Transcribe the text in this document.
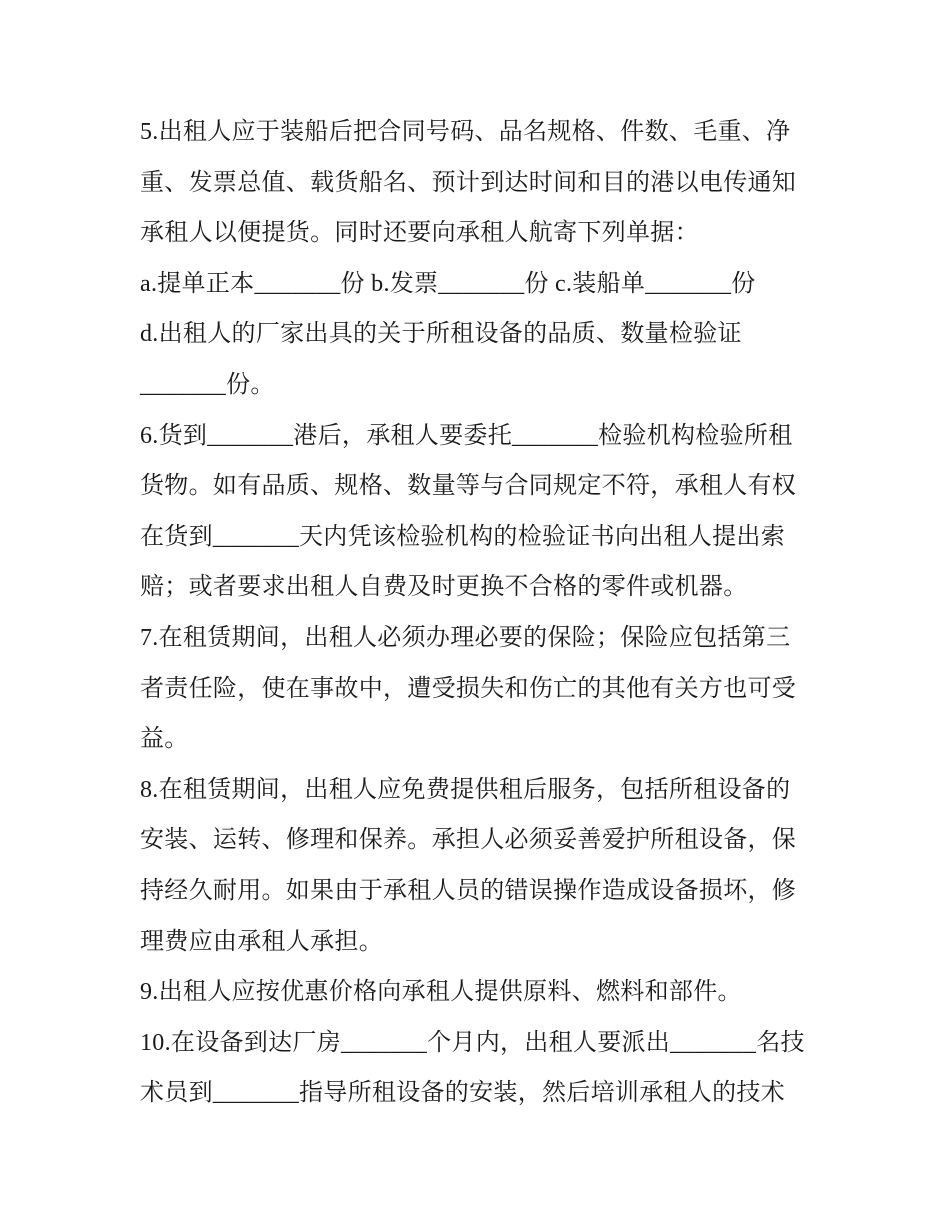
5.出租人应于装船后把合同号码、品名规格、件数、毛重、净
重、发票总值、载货船名、预计到达时间和目的港以电传通知
承租人以便提货。同时还要向承租人航寄下列单据：
a.提单正本_______份 b.发票_______份 c.装船单_______份
d.出租人的厂家出具的关于所租设备的品质、数量检验证
_______份。
6.货到_______港后，承租人要委托_______检验机构检验所租
货物。如有品质、规格、数量等与合同规定不符，承租人有权
在货到_______天内凭该检验机构的检验证书向出租人提出索
赔；或者要求出租人自费及时更换不合格的零件或机器。
7.在租赁期间，出租人必须办理必要的保险；保险应包括第三
者责任险，使在事故中，遭受损失和伤亡的其他有关方也可受
益。
8.在租赁期间，出租人应免费提供租后服务，包括所租设备的
安装、运转、修理和保养。承担人必须妥善爱护所租设备，保
持经久耐用。如果由于承租人员的错误操作造成设备损坏，修
理费应由承租人承担。
9.出租人应按优惠价格向承租人提供原料、燃料和部件。
10.在设备到达厂房_______个月内，出租人要派出_______名技
术员到_______指导所租设备的安装，然后培训承租人的技术
